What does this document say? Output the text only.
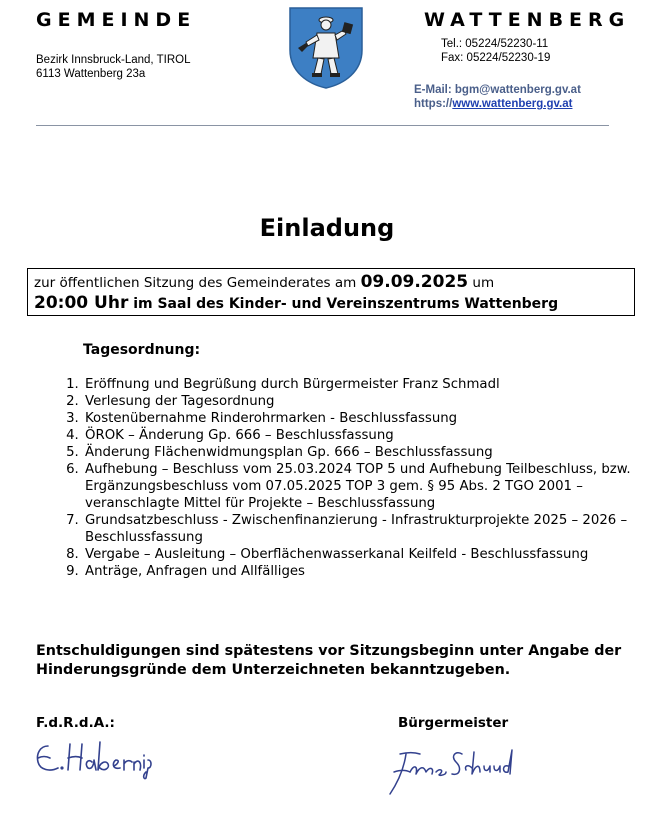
GEMEINDE	WATTENBERG
Bezirk Innsbruck-Land, TIROL
6113 Wattenberg 23a
Tel.: 05224/52230-11
Fax: 05224/52230-19
E-Mail: bgm@wattenberg.gv.at
https://www.wattenberg.gv.at
Einladung
zur öffentlichen Sitzung des Gemeinderates am 09.09.2025 um
20:00 Uhr im Saal des Kinder- und Vereinszentrums Wattenberg
Tagesordnung:
1. Eröffnung und Begrüßung durch Bürgermeister Franz Schmadl
2. Verlesung der Tagesordnung
3. Kostenübernahme Rinderohrmarken - Beschlussfassung
4. ÖROK – Änderung Gp. 666 – Beschlussfassung
5. Änderung Flächenwidmungsplan Gp. 666 – Beschlussfassung
6. Aufhebung – Beschluss vom 25.03.2024 TOP 5 und Aufhebung Teilbeschluss, bzw. Ergänzungsbeschluss vom 07.05.2025 TOP 3 gem. § 95 Abs. 2 TGO 2001 – veranschlagte Mittel für Projekte – Beschlussfassung
7. Grundsatzbeschluss - Zwischenfinanzierung - Infrastrukturprojekte 2025 – 2026 – Beschlussfassung
8. Vergabe – Ausleitung – Oberflächenwasserkanal Keilfeld - Beschlussfassung
9. Anträge, Anfragen und Allfälliges
Entschuldigungen sind spätestens vor Sitzungsbeginn unter Angabe der Hinderungsgründe dem Unterzeichneten bekanntzugeben.
F.d.R.d.A.:	Bürgermeister
